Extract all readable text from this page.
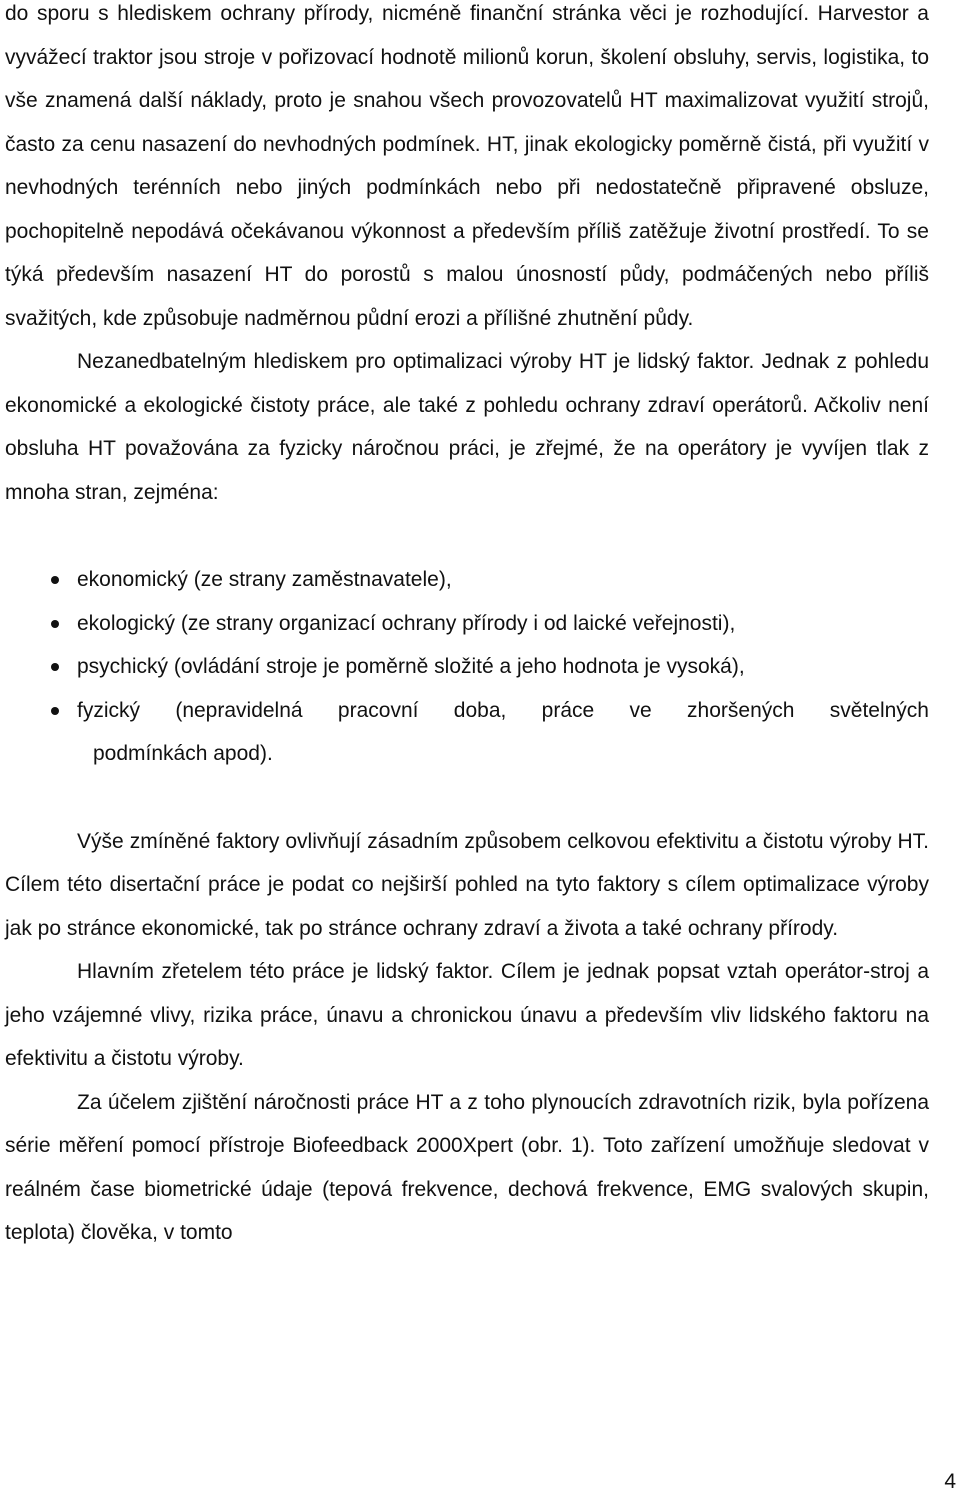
do sporu s hlediskem ochrany přírody, nicméně finanční stránka věci je rozhodující. Harvestor a vyvážecí traktor jsou stroje v pořizovací hodnotě milionů korun, školení obsluhy, servis, logistika, to vše znamená další náklady, proto je snahou všech provozovatelů HT maximalizovat využití strojů, často za cenu nasazení do nevhodných podmínek. HT, jinak ekologicky poměrně čistá, při využití v nevhodných terénních nebo jiných podmínkách nebo při nedostatečně připravené obsluze, pochopitelně nepodává očekávanou výkonnost a především příliš zatěžuje životní prostředí. To se týká především nasazení HT do porostů s malou únosností půdy, podmáčených nebo příliš svažitých, kde způsobuje nadměrnou půdní erozi a přílišné zhutnění půdy.

Nezanedbatelným hlediskem pro optimalizaci výroby HT je lidský faktor. Jednak z pohledu ekonomické a ekologické čistoty práce, ale také z pohledu ochrany zdraví operátorů. Ačkoliv není obsluha HT považována za fyzicky náročnou práci, je zřejmé, že na operátory je vyvíjen tlak z mnoha stran, zejména:

ekonomický (ze strany zaměstnavatele),
ekologický (ze strany organizací ochrany přírody i od laické veřejnosti),
psychický (ovládání stroje je poměrně složité a jeho hodnota je vysoká),
fyzický (nepravidelná pracovní doba, práce ve zhoršených světelných
podmínkách apod).

Výše zmíněné faktory ovlivňují zásadním způsobem celkovou efektivitu a čistotu výroby HT. Cílem této disertační práce je podat co nejširší pohled na tyto faktory s cílem optimalizace výroby jak po stránce ekonomické, tak po stránce ochrany zdraví a života a také ochrany přírody.

Hlavním zřetelem této práce je lidský faktor. Cílem je jednak popsat vztah operátor-stroj a jeho vzájemné vlivy, rizika práce, únavu a chronickou únavu a především vliv lidského faktoru na efektivitu a čistotu výroby.

Za účelem zjištění náročnosti práce HT a z toho plynoucích zdravotních rizik, byla pořízena série měření pomocí přístroje Biofeedback 2000Xpert (obr. 1). Toto zařízení umožňuje sledovat v reálném čase biometrické údaje (tepová frekvence, dechová frekvence, EMG svalových skupin, teplota) člověka, v tomto

4
